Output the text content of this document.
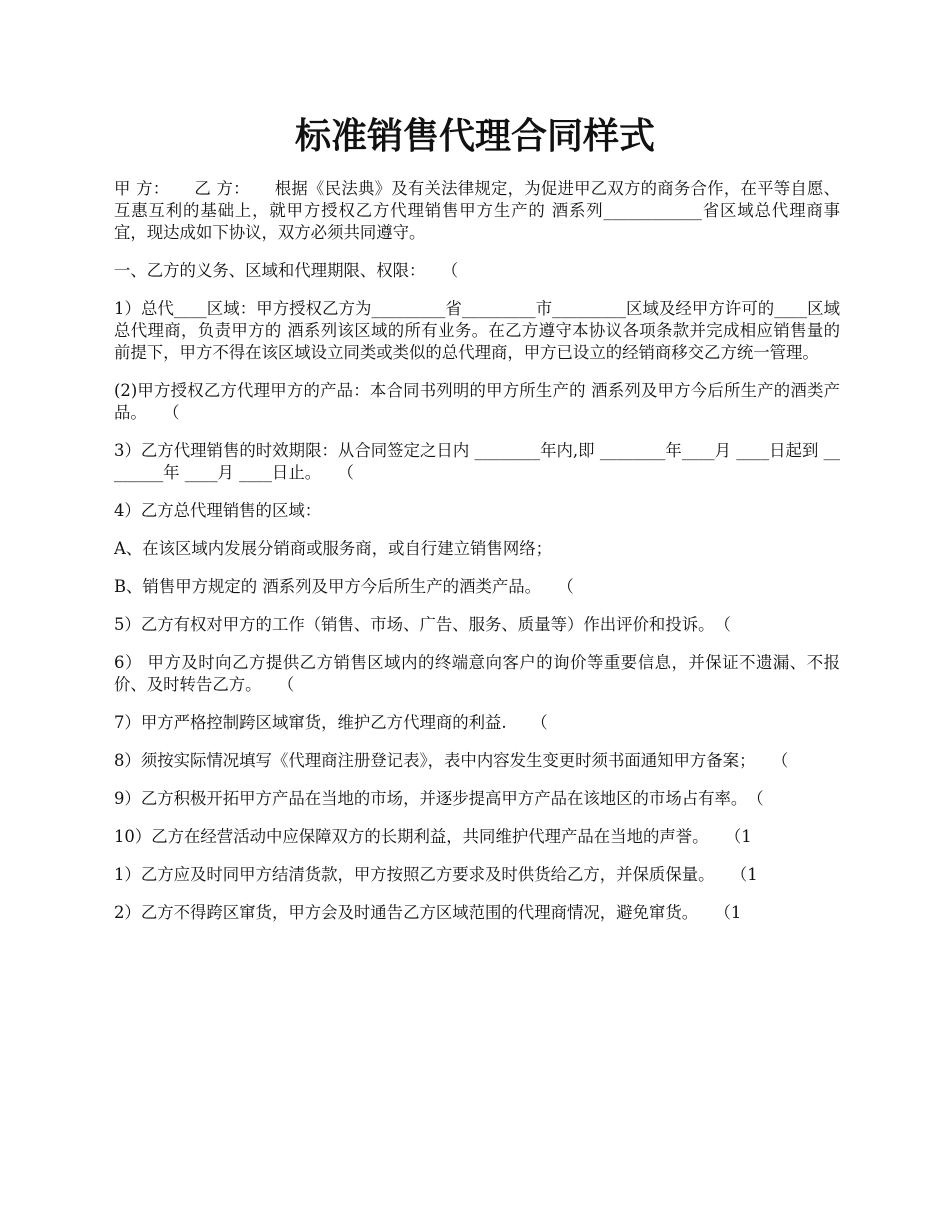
标准销售代理合同样式

甲 方：　　乙 方：　　根据《民法典》及有关法律规定，为促进甲乙双方的商务合作，在平等自愿、互惠互利的基础上，就甲方授权乙方代理销售甲方生产的 酒系列____________省区域总代理商事宜，现达成如下协议，双方必须共同遵守。

一、乙方的义务、区域和代理期限、权限：　　（

1）总代____区域：甲方授权乙方为_________省_________市_________区域及经甲方许可的____区域总代理商，负责甲方的 酒系列该区域的所有业务。在乙方遵守本协议各项条款并完成相应销售量的前提下，甲方不得在该区域设立同类或类似的总代理商，甲方已设立的经销商移交乙方统一管理。

(2)甲方授权乙方代理甲方的产品：本合同书列明的甲方所生产的 酒系列及甲方今后所生产的酒类产品。　　（

3）乙方代理销售的时效期限：从合同签定之日内 ________年内,即 ________年____月 ____日起到 ________年 ____月 ____日止。　　（

4）乙方总代理销售的区域：

A、在该区域内发展分销商或服务商，或自行建立销售网络；

B、销售甲方规定的 酒系列及甲方今后所生产的酒类产品。　　（

5）乙方有权对甲方的工作（销售、市场、广告、服务、质量等）作出评价和投诉。　（

6） 甲方及时向乙方提供乙方销售区域内的终端意向客户的询价等重要信息，并保证不遗漏、不报价、及时转告乙方。　　（

7）甲方严格控制跨区域窜货，维护乙方代理商的利益.　　（

8）须按实际情况填写《代理商注册登记表》，表中内容发生变更时须书面通知甲方备案；　　（

9）乙方积极开拓甲方产品在当地的市场，并逐步提高甲方产品在该地区的市场占有率。　（

10）乙方在经营活动中应保障双方的长期利益，共同维护代理产品在当地的声誉。　　（1

1）乙方应及时同甲方结清货款，甲方按照乙方要求及时供货给乙方，并保质保量。　　（1

2）乙方不得跨区窜货，甲方会及时通告乙方区域范围的代理商情况，避免窜货。　　（1
